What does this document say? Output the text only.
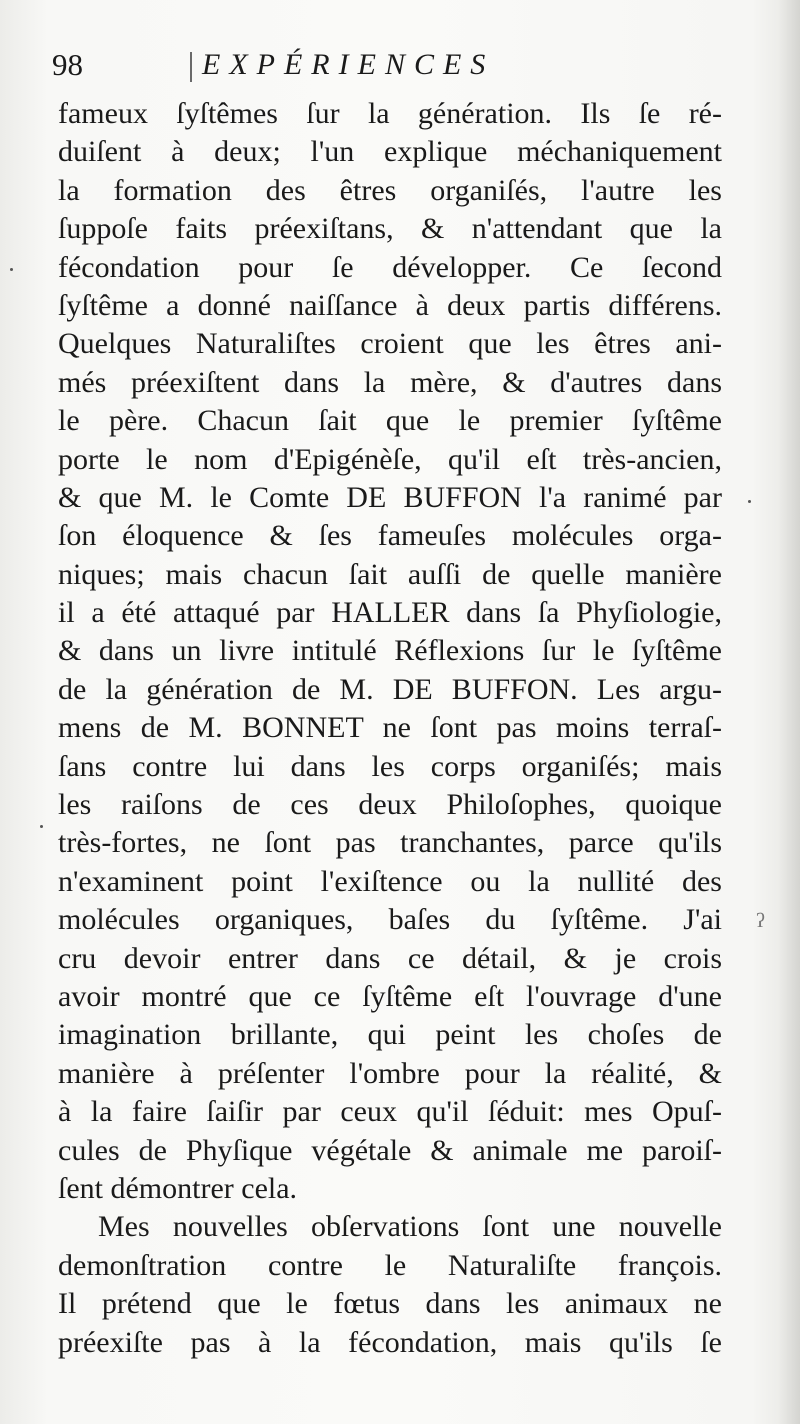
98	EXPÉRIENCES
fameux ſyſtêmes ſur la génération. Ils ſe ré-
duiſent à deux; l'un explique méchaniquement
la formation des êtres organiſés, l'autre les
ſuppoſe faits préexiſtans, & n'attendant que la
fécondation pour ſe développer. Ce ſecond
ſyſtême a donné naiſſance à deux partis différens.
Quelques Naturaliſtes croient que les êtres ani-
més préexiſtent dans la mère, & d'autres dans
le père. Chacun ſait que le premier ſyſtême
porte le nom d'Epigénèſe, qu'il eſt très-ancien,
& que M. le Comte DE BUFFON l'a ranimé par
ſon éloquence & ſes fameuſes molécules orga-
niques; mais chacun ſait auſſi de quelle manière
il a été attaqué par HALLER dans ſa Phyſiologie,
& dans un livre intitulé Réflexions ſur le ſyſtême
de la génération de M. DE BUFFON. Les argu-
mens de M. BONNET ne ſont pas moins terraſ-
ſans contre lui dans les corps organiſés; mais
les raiſons de ces deux Philoſophes, quoique
très-fortes, ne ſont pas tranchantes, parce qu'ils
n'examinent point l'exiſtence ou la nullité des
molécules organiques, baſes du ſyſtême. J'ai
cru devoir entrer dans ce détail, & je crois
avoir montré que ce ſyſtême eſt l'ouvrage d'une
imagination brillante, qui peint les choſes de
manière à préſenter l'ombre pour la réalité, &
à la faire ſaiſir par ceux qu'il ſéduit: mes Opuſ-
cules de Phyſique végétale & animale me paroiſ-
ſent démontrer cela.
Mes nouvelles obſervations ſont une nouvelle
demonſtration contre le Naturaliſte françois.
Il prétend que le fœtus dans les animaux ne
préexiſte pas à la fécondation, mais qu'ils ſe
ʔ
